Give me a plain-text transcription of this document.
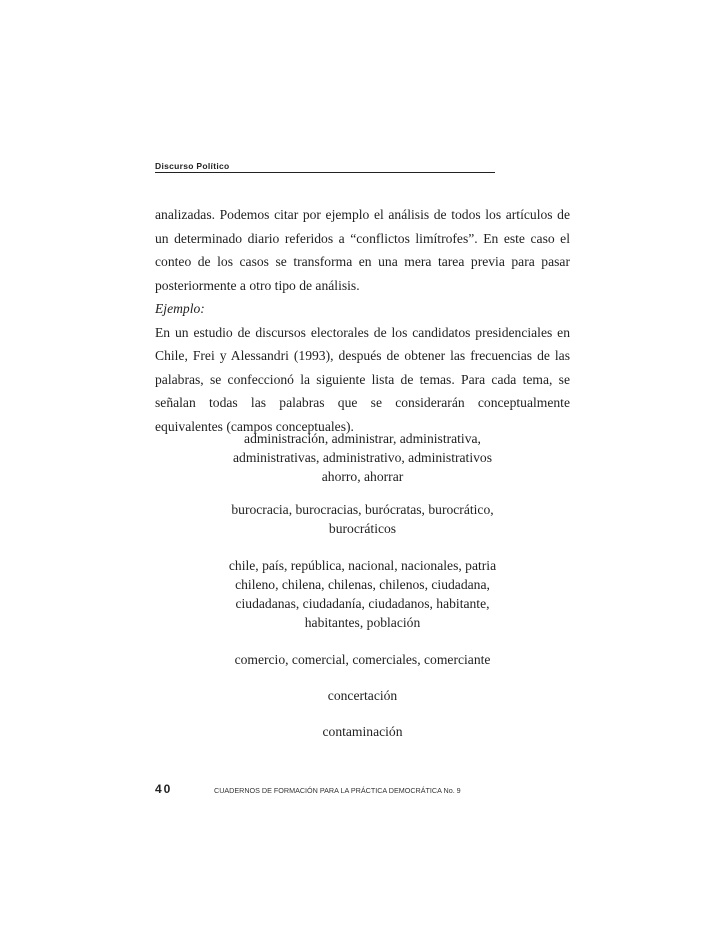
Discurso Político
analizadas. Podemos citar por ejemplo el análisis de todos los artículos de un determinado diario referidos a “conflictos limítrofes”. En este caso el conteo de los casos se transforma en una mera tarea previa para pasar posteriormente a otro tipo de análisis.
Ejemplo:
En un estudio de discursos electorales de los candidatos presidenciales en Chile, Frei y Alessandri (1993), después de obtener las frecuencias de las palabras, se confeccionó la siguiente lista de temas. Para cada tema, se señalan todas las palabras que se considerarán conceptualmente equivalentes (campos conceptuales).
administración, administrar, administrativa,
administrativas, administrativo, administrativos
ahorro, ahorrar
burocracia, burocracias, burócratas, burocrático,
burocráticos
chile, país, república, nacional, nacionales, patria
chileno, chilena, chilenas, chilenos, ciudadana,
ciudadanas, ciudadanía, ciudadanos, habitante,
habitantes, población
comercio, comercial, comerciales, comerciante
concertación
contaminación
40	CUADERNOS DE FORMACIÓN PARA LA PRÁCTICA DEMOCRÁTICA No. 9
